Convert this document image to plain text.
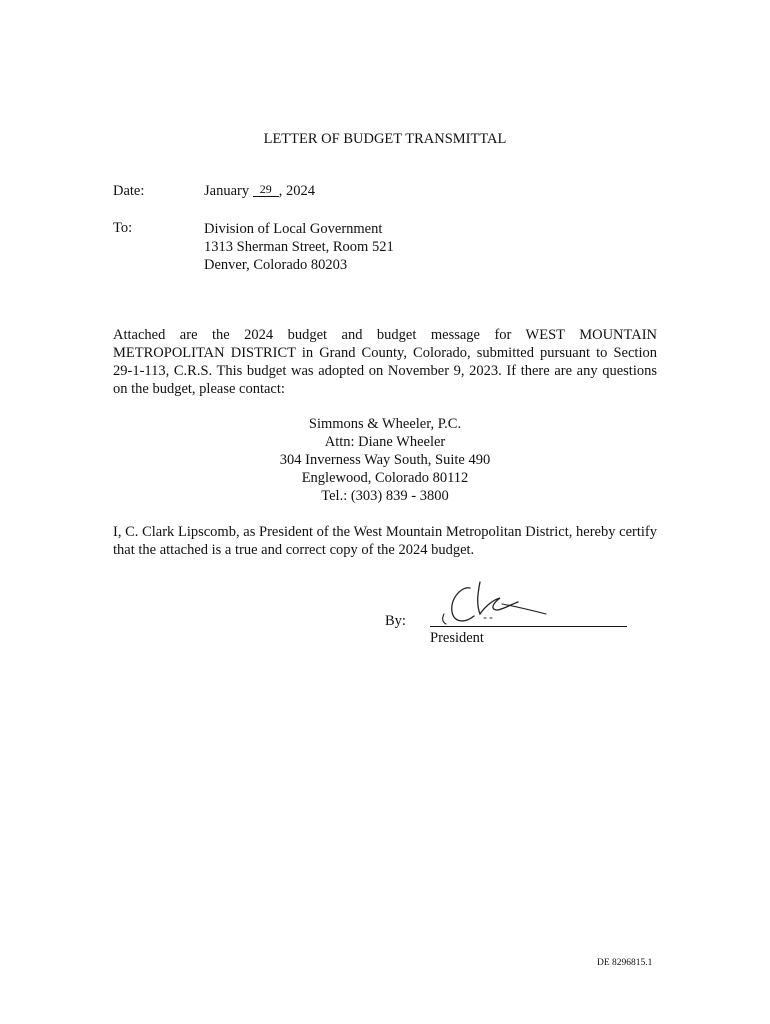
LETTER OF BUDGET TRANSMITTAL
Date:	January 29 , 2024
To:	Division of Local Government
1313 Sherman Street, Room 521
Denver, Colorado 80203
Attached are the 2024 budget and budget message for WEST MOUNTAIN METROPOLITAN DISTRICT in Grand County, Colorado, submitted pursuant to Section 29-1-113, C.R.S. This budget was adopted on November 9, 2023. If there are any questions on the budget, please contact:
Simmons & Wheeler, P.C.
Attn: Diane Wheeler
304 Inverness Way South, Suite 490
Englewood, Colorado 80112
Tel.: (303) 839 - 3800
I, C. Clark Lipscomb, as President of the West Mountain Metropolitan District, hereby certify that the attached is a true and correct copy of the 2024 budget.
By:
President
DE 8296815.1
